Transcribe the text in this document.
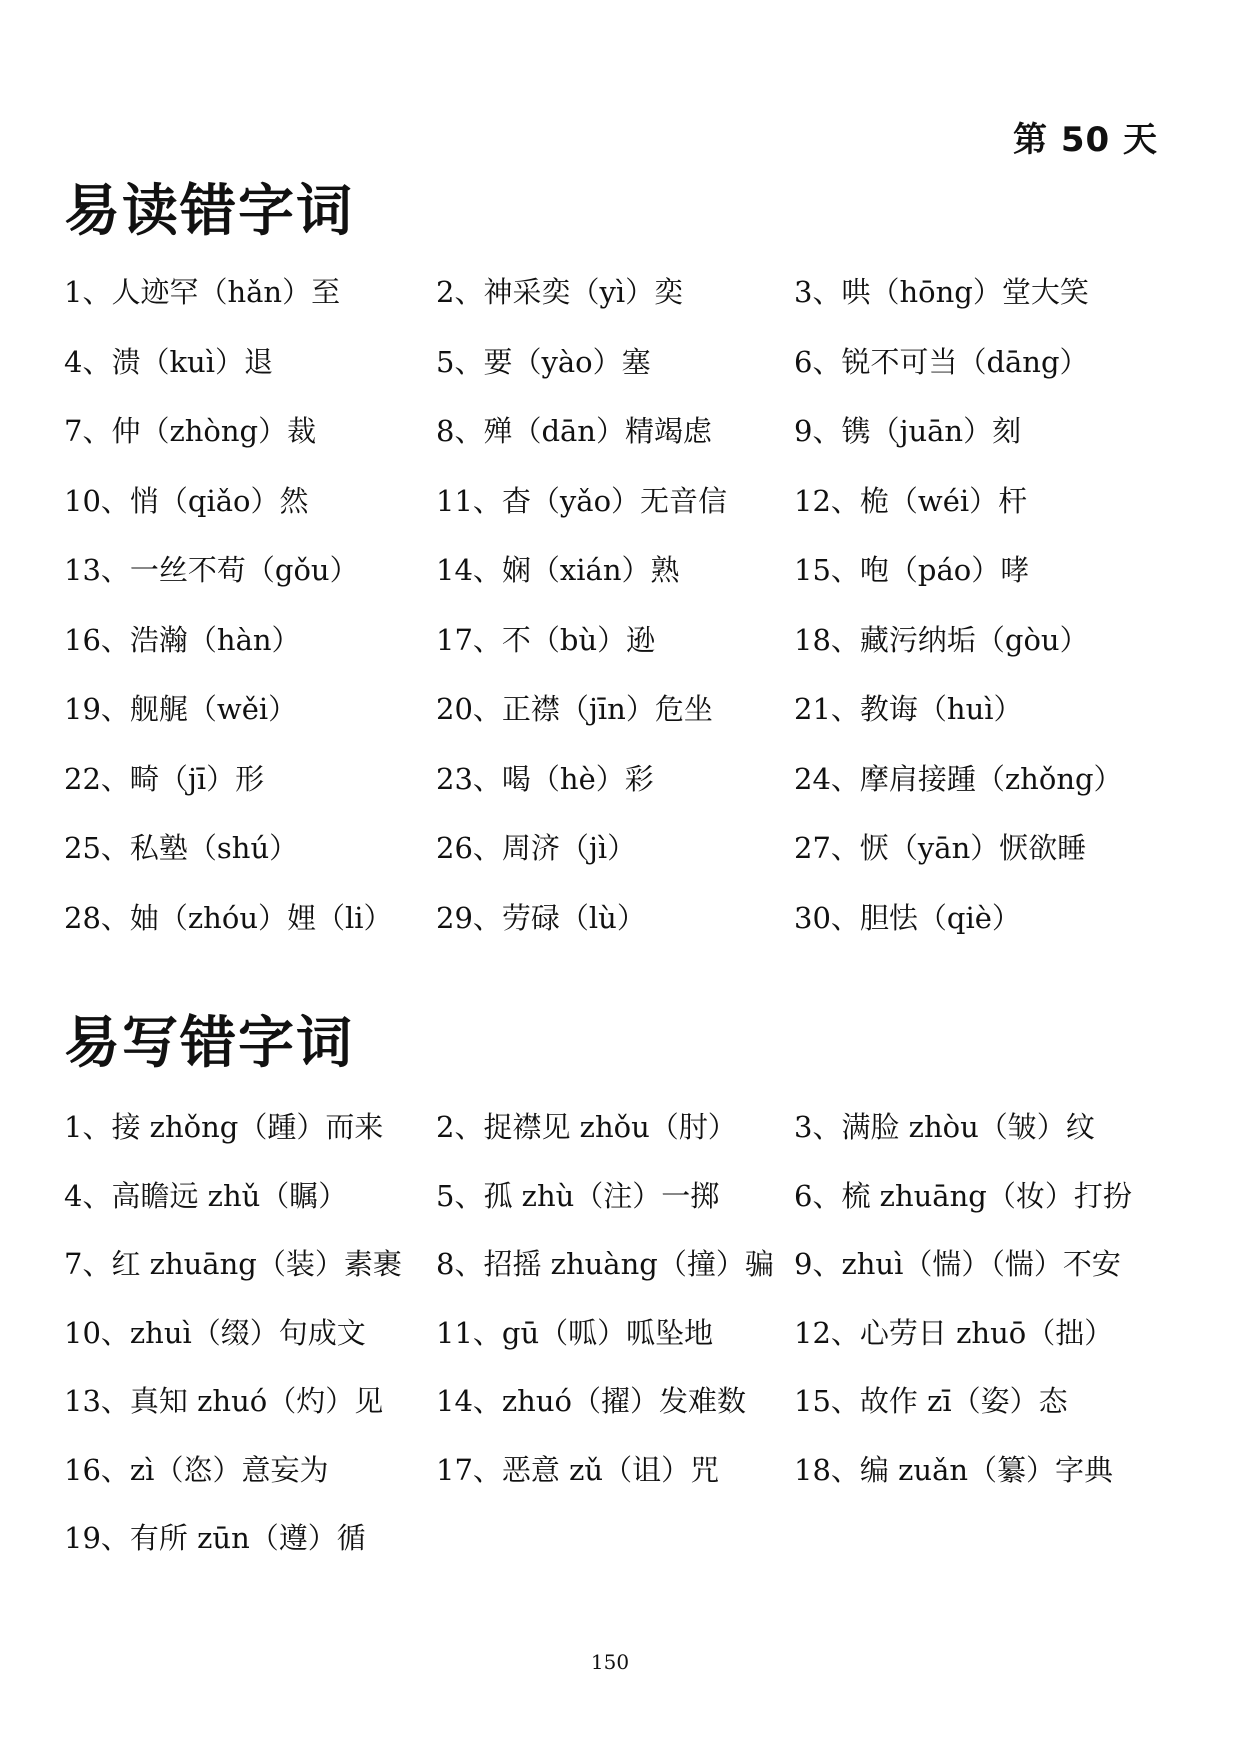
第 50 天
易读错字词
1、人迹罕（hǎn）至	2、神采奕（yì）奕	3、哄（hōng）堂大笑
4、溃（kuì）退	5、要（yào）塞	6、锐不可当（dāng）
7、仲（zhòng）裁	8、殚（dān）精竭虑	9、镌（juān）刻
10、悄（qiǎo）然	11、杳（yǎo）无音信	12、桅（wéi）杆
13、一丝不苟（gǒu）	14、娴（xián）熟	15、咆（páo）哮
16、浩瀚（hàn）	17、不（bù）逊	18、藏污纳垢（gòu）
19、舰艉（wěi）	20、正襟（jīn）危坐	21、教诲（huì）
22、畸（jī）形	23、喝（hè）彩	24、摩肩接踵（zhǒng）
25、私塾（shú）	26、周济（jì）	27、恹（yān）恹欲睡
28、妯（zhóu）娌（li）	29、劳碌（lù）	30、胆怯（qiè）
易写错字词
1、接 zhǒng（踵）而来	2、捉襟见 zhǒu（肘）	3、满脸 zhòu（皱）纹
4、高瞻远 zhǔ（瞩）	5、孤 zhù（注）一掷	6、梳 zhuāng（妆）打扮
7、红 zhuāng（装）素裹	8、招摇 zhuàng（撞）骗 9、zhuì（惴）（惴）不安
10、zhuì（缀）句成文	11、gū（呱）呱坠地	12、心劳日 zhuō（拙）
13、真知 zhuó（灼）见	14、zhuó（擢）发难数	15、故作 zī（姿）态
16、zì（恣）意妄为	17、恶意 zǔ（诅）咒	18、编 zuǎn（纂）字典
19、有所 zūn（遵）循
150
